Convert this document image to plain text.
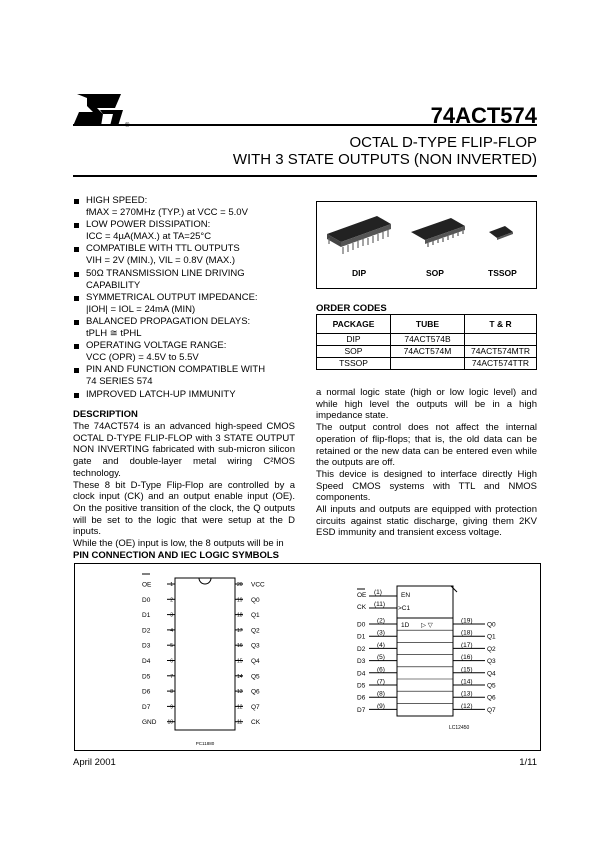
®	74ACT574
OCTAL D-TYPE FLIP-FLOP
WITH 3 STATE OUTPUTS (NON INVERTED)
HIGH SPEED:
fMAX = 270MHz (TYP.) at VCC = 5.0V
LOW POWER DISSIPATION:
ICC = 4µA(MAX.) at TA=25°C
COMPATIBLE WITH TTL OUTPUTS
VIH = 2V (MIN.), VIL = 0.8V (MAX.)
50Ω TRANSMISSION LINE DRIVING
CAPABILITY
SYMMETRICAL OUTPUT IMPEDANCE:
|IOH| = IOL = 24mA (MIN)
BALANCED PROPAGATION DELAYS:
tPLH ≅ tPHL
OPERATING VOLTAGE RANGE:
VCC (OPR) = 4.5V to 5.5V
PIN AND FUNCTION COMPATIBLE WITH
74 SERIES 574
IMPROVED LATCH-UP IMMUNITY
DIP	SOP	TSSOP
ORDER CODES
PACKAGE	TUBE	T & R
DIP	74ACT574B	
SOP	74ACT574M	74ACT574MTR
TSSOP		74ACT574TTR
DESCRIPTION
The 74ACT574 is an advanced high-speed CMOS OCTAL D-TYPE FLIP-FLOP with 3 STATE OUTPUT NON INVERTING fabricated with sub-micron silicon gate and double-layer metal wiring C²MOS technology.
These 8 bit D-Type Flip-Flop are controlled by a clock input (CK) and an output enable input (OE). On the positive transition of the clock, the Q outputs will be set to the logic that were setup at the D inputs.
While the (OE) input is low, the 8 outputs will be in
a normal logic state (high or low logic level) and while high level the outputs will be in a high impedance state.
The output control does not affect the internal operation of flip-flops; that is, the old data can be retained or the new data can be entered even while the outputs are off.
This device is designed to interface directly High Speed CMOS systems with TTL and NMOS components.
All inputs and outputs are equipped with protection circuits against static discharge, giving them 2KV ESD immunity and transient excess voltage.
PIN CONNECTION AND IEC LOGIC SYMBOLS
OE	1	20 VCC
D0	2	19 Q0
D1	3	18 Q1
D2	4	17 Q2
D3	5	16 Q3
D4	6	15 Q4
D5	7	14 Q5
D6	8	13 Q6
D7	9	12 Q7
GND 10	11 CK
PC11880
OE (1)
CK (11)
EN
>C1
1D ▷ ▽
D0
(2)	(19)
Q0
D1
(3)	(18)
Q1
D2
(4)	(17)
Q2
D3
(5)	(16)
Q3
D4
(6)	(15)
Q4
D5
(7)	(14)
Q5
D6
(8)	(13)
Q6
D7
(9)	(12)
Q7
LC12450
April 2001	1/11
